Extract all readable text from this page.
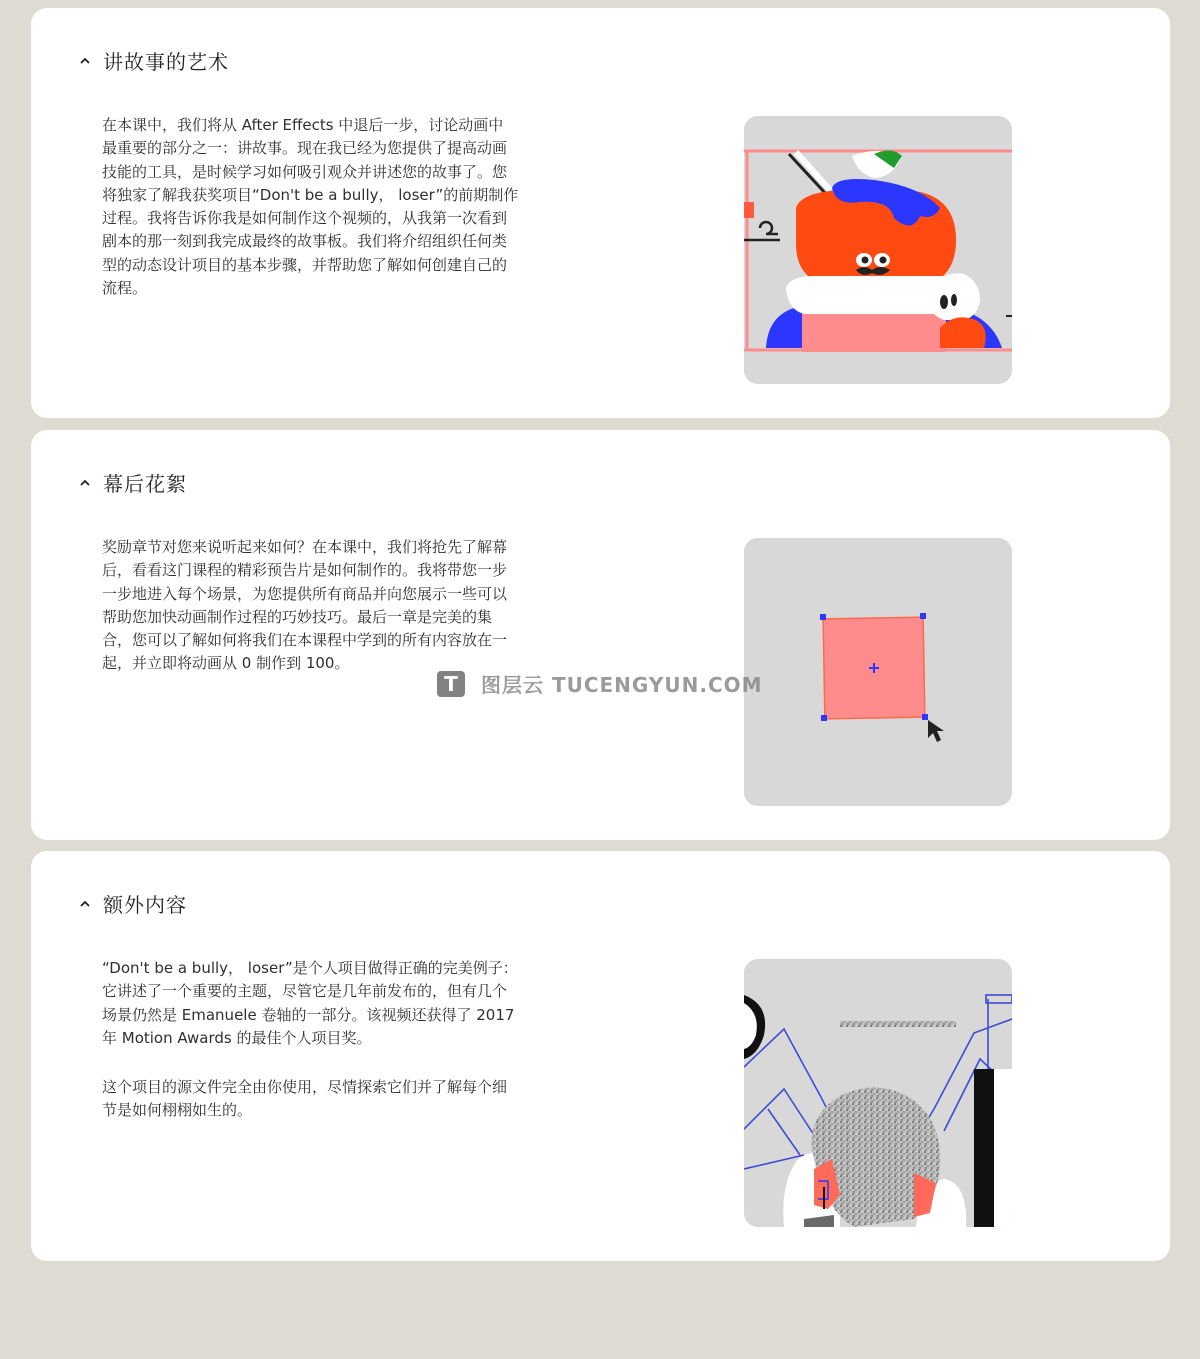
讲故事的艺术

在本课中，我们将从 After Effects 中退后一步，讨论动画中
最重要的部分之一：讲故事。现在我已经为您提供了提高动画
技能的工具，是时候学习如何吸引观众并讲述您的故事了。您
将独家了解我获奖项目“Don't be a bully， loser”的前期制作
过程。我将告诉你我是如何制作这个视频的，从我第一次看到
剧本的那一刻到我完成最终的故事板。我们将介绍组织任何类
型的动态设计项目的基本步骤，并帮助您了解如何创建自己的
流程。

幕后花絮

奖励章节对您来说听起来如何？在本课中，我们将抢先了解幕
后，看看这门课程的精彩预告片是如何制作的。我将带您一步
一步地进入每个场景，为您提供所有商品并向您展示一些可以
帮助您加快动画制作过程的巧妙技巧。最后一章是完美的集
合，您可以了解如何将我们在本课程中学到的所有内容放在一
起，并立即将动画从 0 制作到 100。

额外内容

“Don't be a bully， loser”是个人项目做得正确的完美例子：
它讲述了一个重要的主题，尽管它是几年前发布的，但有几个
场景仍然是 Emanuele 卷轴的一部分。该视频还获得了 2017
年 Motion Awards 的最佳个人项目奖。

这个项目的源文件完全由你使用，尽情探索它们并了解每个细
节是如何栩栩如生的。

T	图层云 TUCENGYUN.COM
